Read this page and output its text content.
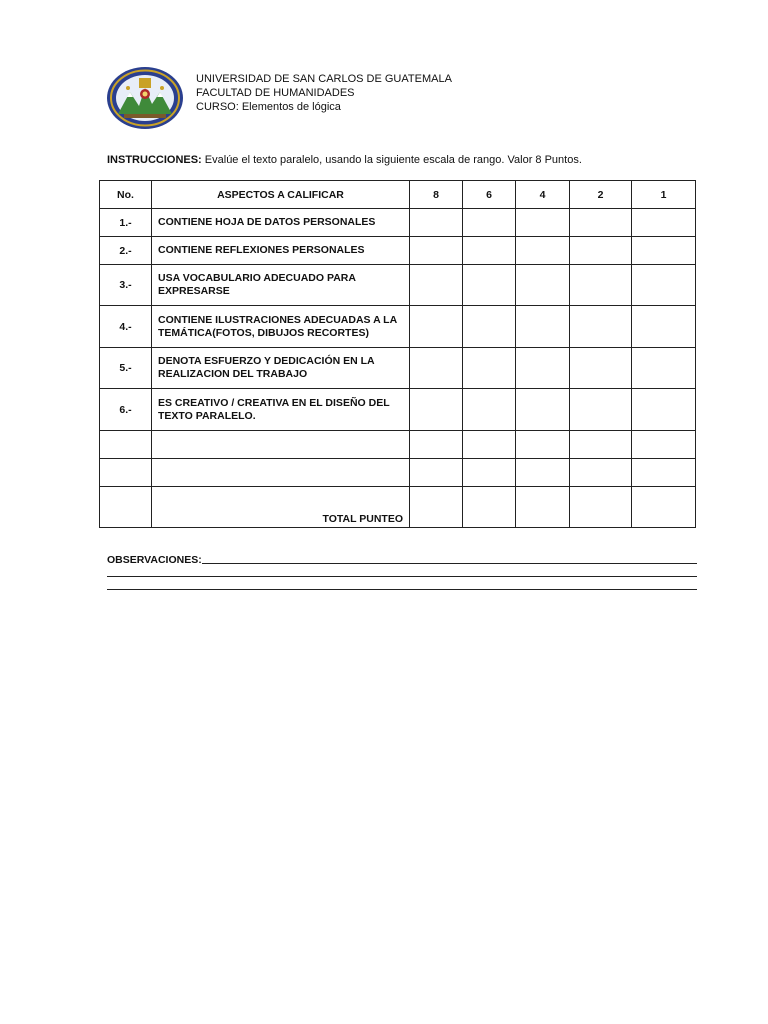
UNIVERSIDAD DE SAN CARLOS DE GUATEMALA
FACULTAD DE HUMANIDADES
CURSO: Elementos de lógica
INSTRUCCIONES: Evalúe el texto paralelo, usando la siguiente escala de rango. Valor 8 Puntos.
No.	ASPECTOS A CALIFICAR	8	6	4	2	1
1.-	CONTIENE HOJA DE DATOS PERSONALES					
2.-	CONTIENE REFLEXIONES PERSONALES					
3.-	USA VOCABULARIO ADECUADO PARA EXPRESARSE					
4.-	CONTIENE ILUSTRACIONES ADECUADAS A LA TEMÁTICA(FOTOS, DIBUJOS RECORTES)					
5.-	DENOTA ESFUERZO Y DEDICACIÓN EN LA REALIZACION DEL TRABAJO					
6.-	ES CREATIVO / CREATIVA EN EL DISEÑO DEL TEXTO PARALELO.					

	TOTAL PUNTEO					
OBSERVACIONES:
